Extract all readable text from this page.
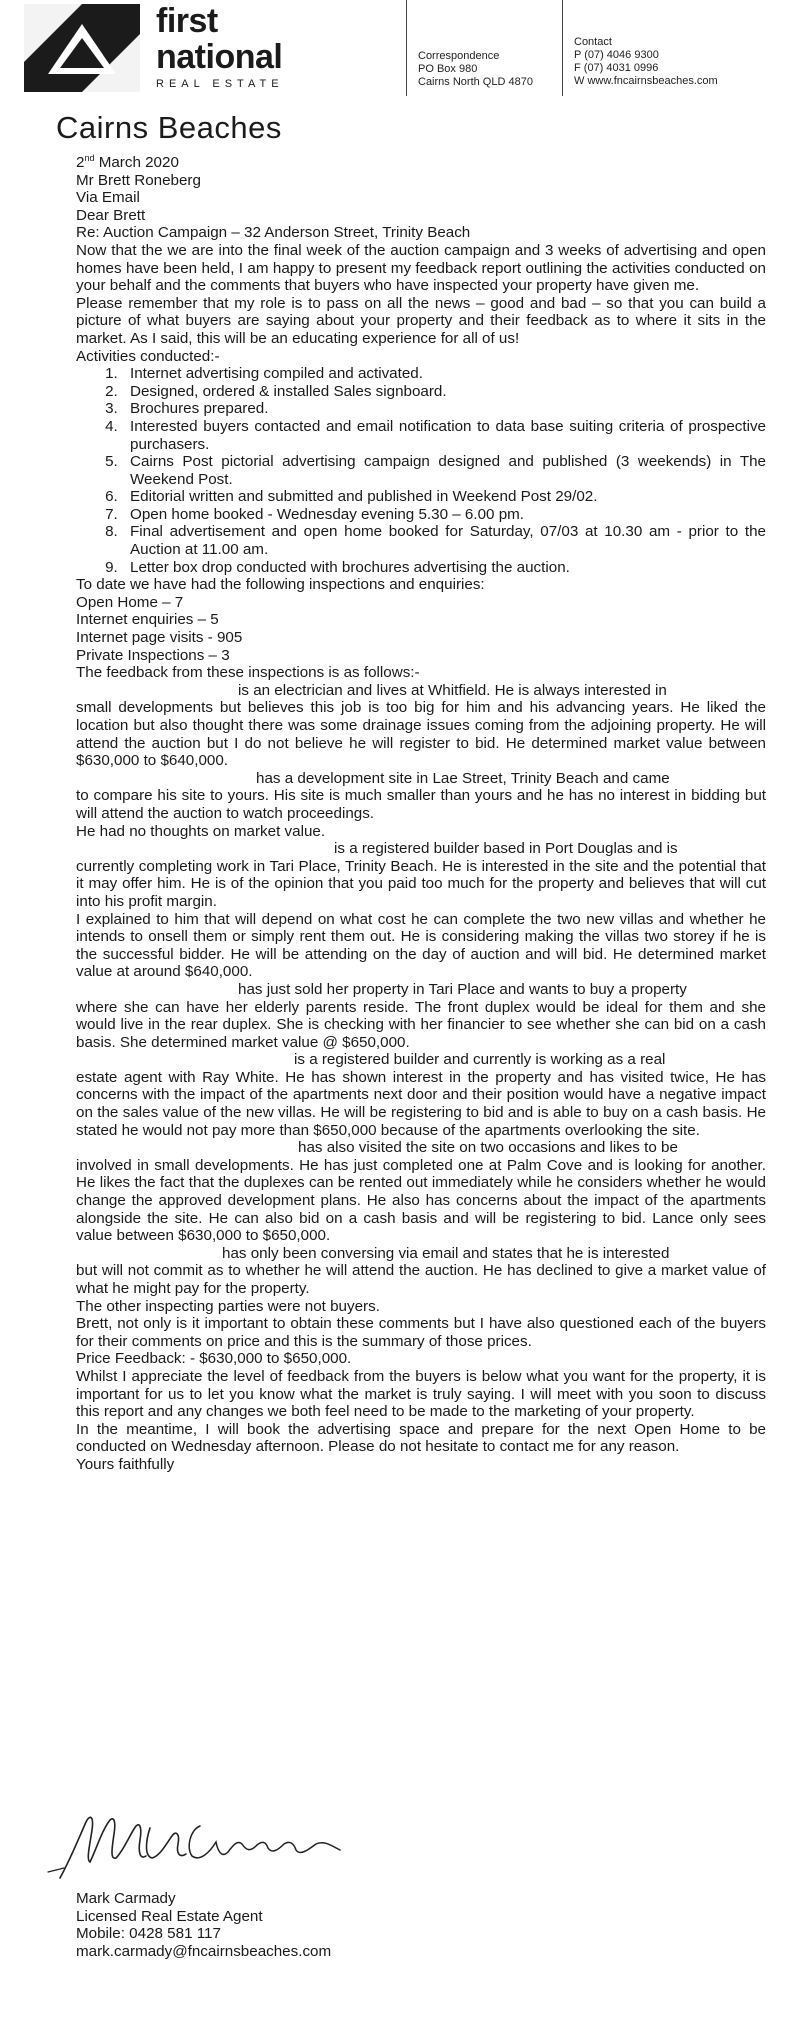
first
national
REAL ESTATE
Correspondence
PO Box 980
Cairns North QLD 4870
Contact
P (07) 4046 9300
F (07) 4031 0996
W www.fncairnsbeaches.com
Cairns Beaches
2nd March 2020
Mr Brett Roneberg
Via Email
Dear Brett
Re: Auction Campaign – 32 Anderson Street, Trinity Beach

Now that the we are into the final week of the auction campaign and 3 weeks of advertising and open homes have been held, I am happy to present my feedback report outlining the activities conducted on your behalf and the comments that buyers who have inspected your property have given me.

Please remember that my role is to pass on all the news – good and bad – so that you can build a picture of what buyers are saying about your property and their feedback as to where it sits in the market. As I said, this will be an educating experience for all of us!

Activities conducted:-
1. Internet advertising compiled and activated.
2. Designed, ordered & installed Sales signboard.
3. Brochures prepared.
4. Interested buyers contacted and email notification to data base suiting criteria of prospective purchasers.
5. Cairns Post pictorial advertising campaign designed and published (3 weekends) in The Weekend Post.
6. Editorial written and submitted and published in Weekend Post 29/02.
7. Open home booked - Wednesday evening 5.30 – 6.00 pm.
8. Final advertisement and open home booked for Saturday, 07/03 at 10.30 am - prior to the Auction at 11.00 am.
9. Letter box drop conducted with brochures advertising the auction.
To date we have had the following inspections and enquiries:
Open Home – 7
Internet enquiries – 5
Internet page visits - 905
Private Inspections – 3
The feedback from these inspections is as follows:-

is an electrician and lives at Whitfield. He is always interested in

small developments but believes this job is too big for him and his advancing years. He liked the location but also thought there was some drainage issues coming from the adjoining property. He will attend the auction but I do not believe he will register to bid. He determined market value between $630,000 to $640,000.

has a development site in Lae Street, Trinity Beach and came

to compare his site to yours. His site is much smaller than yours and he has no interest in bidding but will attend the auction to watch proceedings.

He had no thoughts on market value.

is a registered builder based in Port Douglas and is

currently completing work in Tari Place, Trinity Beach. He is interested in the site and the potential that it may offer him. He is of the opinion that you paid too much for the property and believes that will cut into his profit margin.

I explained to him that will depend on what cost he can complete the two new villas and whether he intends to onsell them or simply rent them out. He is considering making the villas two storey if he is the successful bidder. He will be attending on the day of auction and will bid. He determined market value at around $640,000.

has just sold her property in Tari Place and wants to buy a property

where she can have her elderly parents reside. The front duplex would be ideal for them and she would live in the rear duplex. She is checking with her financier to see whether she can bid on a cash basis. She determined market value @ $650,000.

is a registered builder and currently is working as a real

estate agent with Ray White. He has shown interest in the property and has visited twice, He has concerns with the impact of the apartments next door and their position would have a negative impact on the sales value of the new villas. He will be registering to bid and is able to buy on a cash basis. He stated he would not pay more than $650,000 because of the apartments overlooking the site.

has also visited the site on two occasions and likes to be

involved in small developments. He has just completed one at Palm Cove and is looking for another. He likes the fact that the duplexes can be rented out immediately while he considers whether he would change the approved development plans. He also has concerns about the impact of the apartments alongside the site. He can also bid on a cash basis and will be registering to bid. Lance only sees value between $630,000 to $650,000.

has only been conversing via email and states that he is interested

but will not commit as to whether he will attend the auction. He has declined to give a market value of what he might pay for the property.

The other inspecting parties were not buyers.

Brett, not only is it important to obtain these comments but I have also questioned each of the buyers for their comments on price and this is the summary of those prices.

Price Feedback: - $630,000 to $650,000.

Whilst I appreciate the level of feedback from the buyers is below what you want for the property, it is important for us to let you know what the market is truly saying. I will meet with you soon to discuss this report and any changes we both feel need to be made to the marketing of your property.

In the meantime, I will book the advertising space and prepare for the next Open Home to be conducted on Wednesday afternoon. Please do not hesitate to contact me for any reason.

Yours faithfully
Mark Carmady
Licensed Real Estate Agent
Mobile: 0428 581 117
mark.carmady@fncairnsbeaches.com
